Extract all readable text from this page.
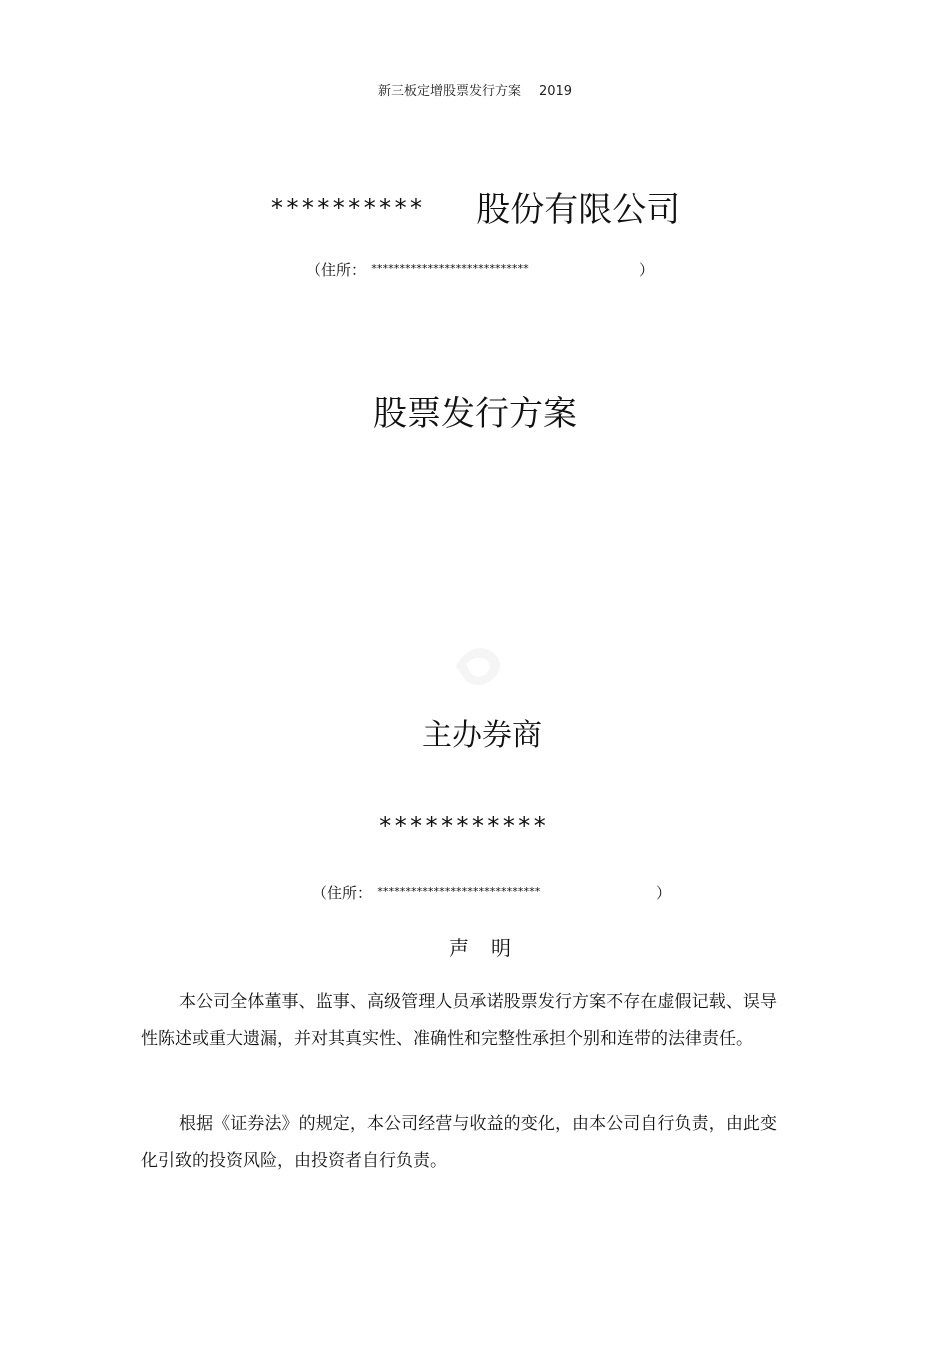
新三板定增股票发行方案 2019
********** 股份有限公司
（住所： ****************************	）
股票发行方案
主办券商
***********
（住所： *****************************	）
声明

本公司全体董事、监事、高级管理人员承诺股票发行方案不存在虚假记载、误导性陈述或重大遗漏，并对其真实性、准确性和完整性承担个别和连带的法律责任。

根据《证券法》的规定，本公司经营与收益的变化，由本公司自行负责，由此变化引致的投资风险，由投资者自行负责。
